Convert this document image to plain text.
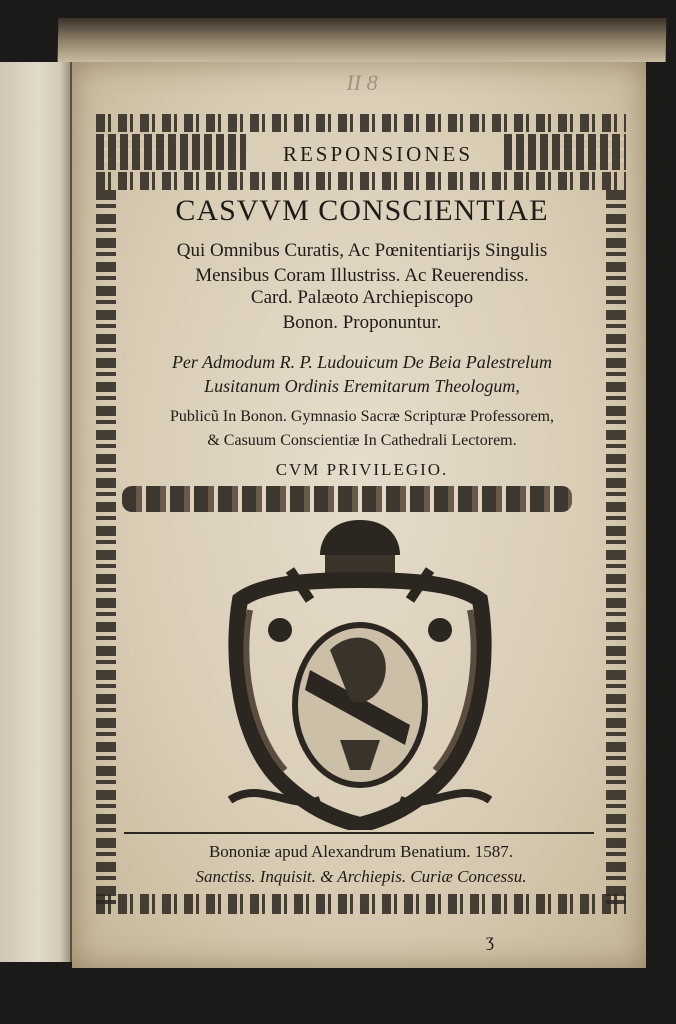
II 8
RESPONSIONES
CASVVM CONSCIENTIAE
Qui Omnibus Curatis, Ac Pœnitentiarijs Singulis
Mensibus Coram Illustriss. Ac Reuerendiss.
Card. Palæoto Archiepiscopo
Bonon. Proponuntur.
Per Admodum R. P. Ludouicum De Beia Palestrelum
Lusitanum Ordinis Eremitarum Theologum,
Publicũ In Bonon. Gymnasio Sacræ Scripturæ Professorem,
& Casuum Conscientiæ In Cathedrali Lectorem.
CVM PRIVILEGIO.
Bononiæ apud Alexandrum Benatium. 1587.
Sanctiss. Inquisit. & Archiepis. Curiæ Concessu.
ʒ
